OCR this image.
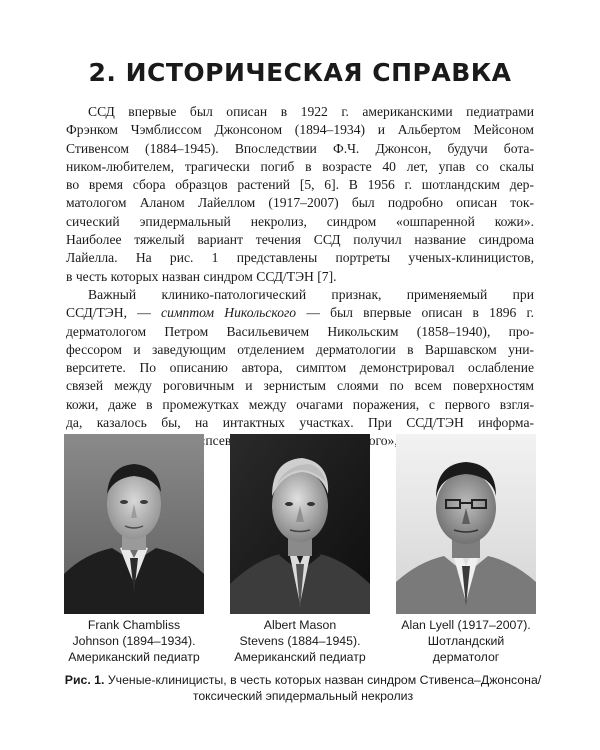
2. ИСТОРИЧЕСКАЯ СПРАВКА

ССД впервые был описан в 1922 г. американскими педиатрами
Фрэнком Чэмблиссом Джонсоном (1894–1934) и Альбертом Мейсоном
Стивенсом (1884–1945). Впоследствии Ф.Ч. Джонсон, будучи бота-
ником-любителем, трагически погиб в возрасте 40 лет, упав со скалы
во время сбора образцов растений [5, 6]. В 1956 г. шотландским дер-
матологом Аланом Лайеллом (1917–2007) был подробно описан ток-
сический эпидермальный некролиз, синдром «ошпаренной кожи».
Наиболее тяжелый вариант течения ССД получил название синдрома
Лайелла. На рис. 1 представлены портреты ученых-клиницистов,
в честь которых назван синдром ССД/ТЭН [7].

Важный клинико-патологический признак, применяемый при
ССД/ТЭН, — симптом Никольского — был впервые описан в 1896 г.
дерматологом Петром Васильевичем Никольским (1858–1940), про-
фессором и заведующим отделением дерматологии в Варшавском уни-
верситете. По описанию автора, симптом демонстрировал ослабление
связей между роговичным и зернистым слоями по всем поверхностям
кожи, даже в промежутках между очагами поражения, с первого взгля-
да, казалось бы, на интактных участках. При ССД/ТЭН информа-

Frank Chambliss
Johnson (1894–1934).
Американский педиатр
Albert Mason
Stevens (1884–1945).
Американский педиатр
Alan Lyell (1917–2007).
Шотландский
дерматолог
Рис. 1. Ученые-клиницисты, в честь которых назван синдром Стивенса–Джонсона/
токсический эпидермальный некролиз
